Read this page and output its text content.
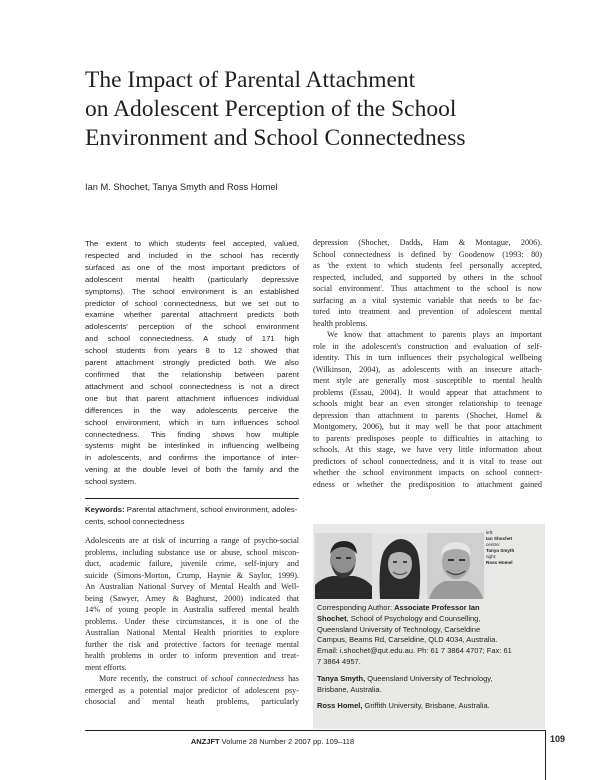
The Impact of Parental Attachment
on Adolescent Perception of the School
Environment and School Connectedness
Ian M. Shochet, Tanya Smyth and Ross Homel
The extent to which students feel accepted, valued,
respected and included in the school has recently
surfaced as one of the most important predictors of
adolescent mental health (particularly depressive
symptoms). The school environment is an established
predictor of school connectedness, but we set out to
examine whether parental attachment predicts both
adolescents' perception of the school environment
and school connectedness. A study of 171 high
school students from years 8 to 12 showed that
parent attachment strongly predicted both. We also
confirmed that the relationship between parent
attachment and school connectedness is not a direct
one but that parent attachment influences individual
differences in the way adolescents perceive the
school environment, which in turn influences school
connectedness. This finding shows how multiple
systems might be interlinked in influencing wellbeing
in adolescents, and confirms the importance of inter-
vening at the double level of both the family and the
school system.
Keywords: Parental attachment, school environment, adoles-
cents, school connectedness
Adolescents are at risk of incurring a range of psycho-social
problems, including substance use or abuse, school miscon-
duct, academic failure, juvenile crime, self-injury and
suicide (Simons-Morton, Crump, Haynie & Saylor, 1999).
An Australian National Survey of Mental Health and Well-
being (Sawyer, Arney & Baghurst, 2000) indicated that
14% of young people in Australia suffered mental health
problems. Under these circumstances, it is one of the
Australian National Mental Health priorities to explore
further the risk and protective factors for teenage mental
health problems in order to inform prevention and treat-
ment efforts.
More recently, the construct of school connectedness has
emerged as a potential major predictor of adolescent psy-
chosocial and mental heath problems, particularly
depression (Shochet, Dadds, Ham & Montague, 2006).
School connectedness is defined by Goodenow (1993: 80)
as 'the extent to which students feel personally accepted,
respected, included, and supported by others in the school
social environment'. Thus attachment to the school is now
surfacing as a vital systemic variable that needs to be fac-
tored into treatment and prevention of adolescent mental
health problems.
We know that attachment to parents plays an important
role in the adolescent's construction and evaluation of self-
identity. This in turn influences their psychological wellbeing
(Wilkinson, 2004), as adolescents with an insecure attach-
ment style are generally most susceptible to mental health
problems (Essau, 2004). It would appear that attachment to
schools might bear an even stronger relationship to teenage
depression than attachment to parents (Shochet, Homel &
Montgomery, 2006), but it may well be that poor attachment
to parents predisposes people to difficulties in attaching to
schools. At this stage, we have very little information about
predictors of school connectedness, and it is vital to tease out
whether the school environment impacts on school connect-
edness or whether the predisposition to attachment gained
left:
Ian Shochet
centre:
Tanya Smyth
right:
Ross Homel
Corresponding Author: Associate Professor Ian
Shochet, School of Psychology and Counselling,
Queensland University of Technology, Carseldine
Campus, Beams Rd, Carseldine, QLD 4034, Australia.
Email: i.shochet@qut.edu.au. Ph: 61 7 3864 4707; Fax: 61
7 3864 4957.
Tanya Smyth, Queensland University of Technology,
Brisbane, Australia.
Ross Homel, Griffith University, Brisbane, Australia.
ANZJFT Volume 28 Number 2 2007 pp. 109–118	109
